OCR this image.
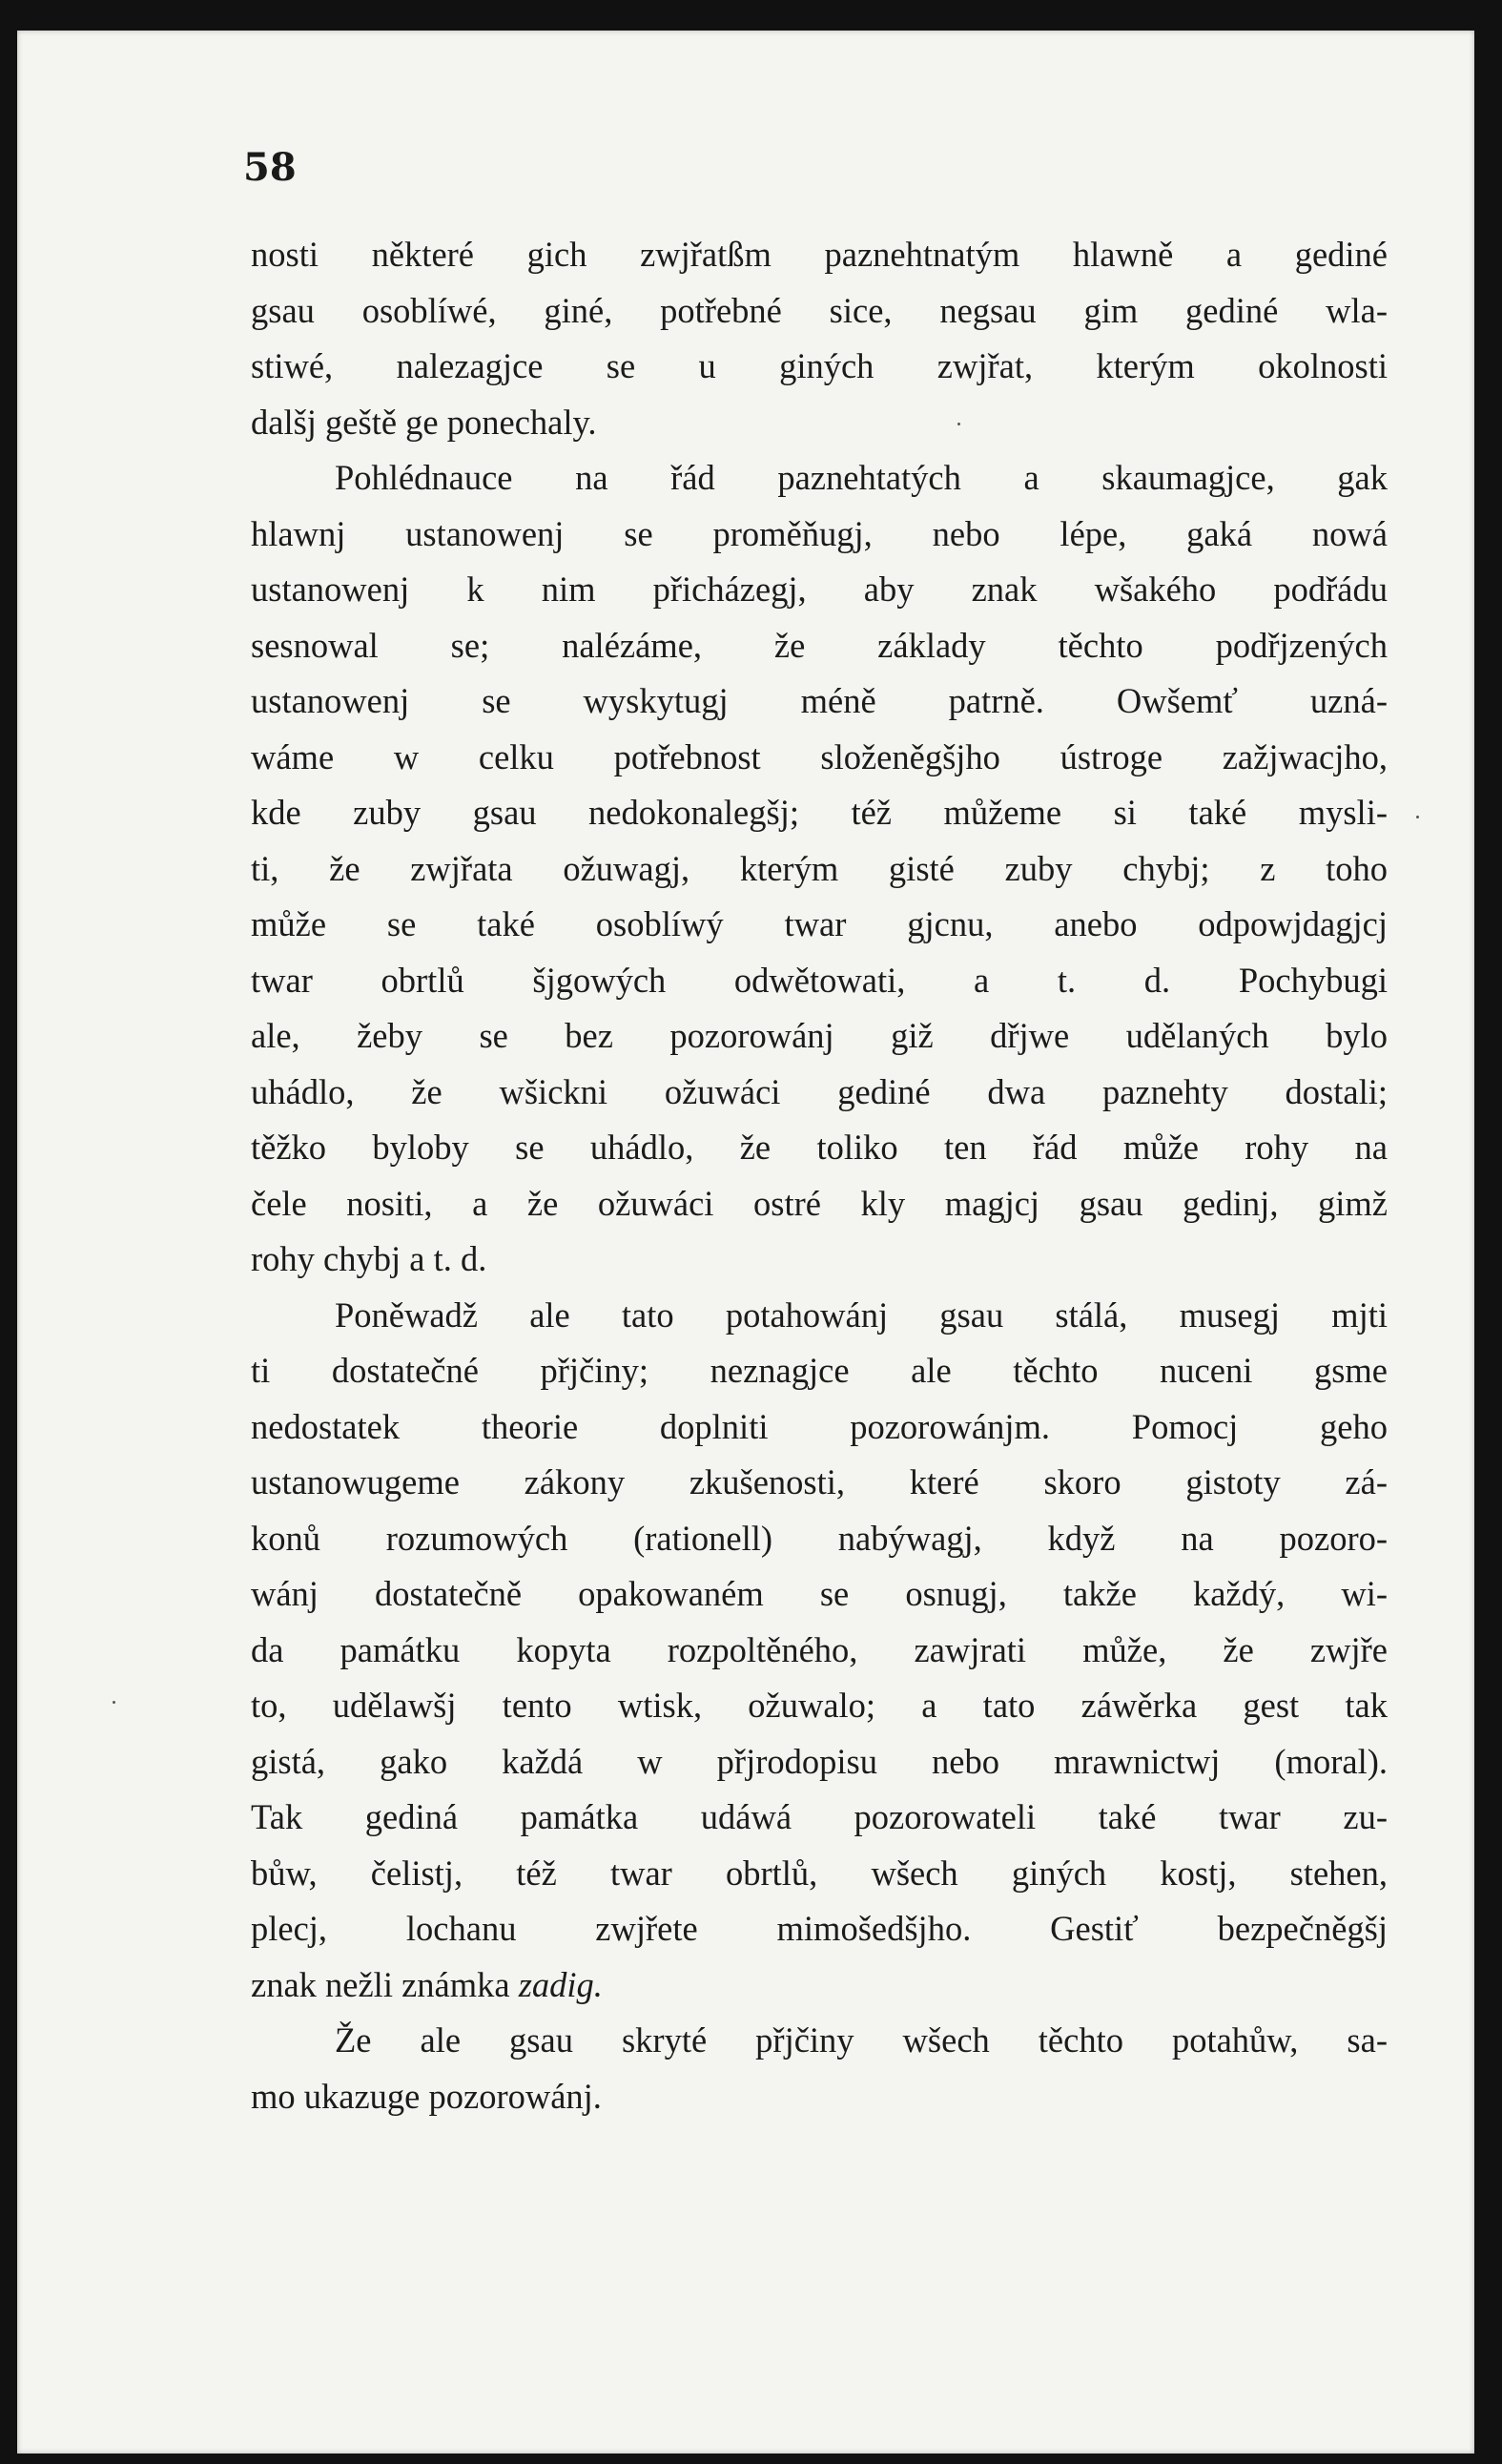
58
nosti některé gich zwjřatßm paznehtnatým hlawně a gediné
gsau osoblíwé, giné, potřebné sice, negsau gim gediné wla-
stiwé, nalezagjce se u giných zwjřat, kterým okolnosti
dalšj geště ge ponechaly.
Pohlédnauce na řád paznehtatých a skaumagjce, gak
hlawnj ustanowenj se proměňugj, nebo lépe, gaká nowá
ustanowenj k nim přicházegj, aby znak wšakého podřádu
sesnowal se; nalézáme, že základy těchto podřjzených
ustanowenj se wyskytugj méně patrně. Owšemť uzná-
wáme w celku potřebnost složeněgšjho ústroge zažjwacjho,
kde zuby gsau nedokonalegšj; též můžeme si také mysli-
ti, že zwjřata ožuwagj, kterým gisté zuby chybj; z toho
může se také osoblíwý twar gjcnu, anebo odpowjdagjcj
twar obrtlů šjgowých odwětowati, a t. d. Pochybugi
ale, žeby se bez pozorowánj giž dřjwe udělaných bylo
uhádlo, že wšickni ožuwáci gediné dwa paznehty dostali;
těžko byloby se uhádlo, že toliko ten řád může rohy na
čele nositi, a že ožuwáci ostré kly magjcj gsau gedinj, gimž
rohy chybj a t. d.
Poněwadž ale tato potahowánj gsau stálá, musegj mjti
ti dostatečné přjčiny; neznagjce ale těchto nuceni gsme
nedostatek theorie doplniti pozorowánjm. Pomocj geho
ustanowugeme zákony zkušenosti, které skoro gistoty zá-
konů rozumowých (rationell) nabýwagj, když na pozoro-
wánj dostatečně opakowaném se osnugj, takže každý, wi-
da památku kopyta rozpoltěného, zawjrati může, že zwjře
to, udělawšj tento wtisk, ožuwalo; a tato záwěrka gest tak
gistá, gako každá w přjrodopisu nebo mrawnictwj (moral).
Tak gediná památka udáwá pozorowateli také twar zu-
bůw, čelistj, též twar obrtlů, wšech giných kostj, stehen,
plecj, lochanu zwjřete mimošedšjho. Gestiť bezpečněgšj
znak nežli známka zadig.
Že ale gsau skryté přjčiny wšech těchto potahůw, sa-
mo ukazuge pozorowánj.
